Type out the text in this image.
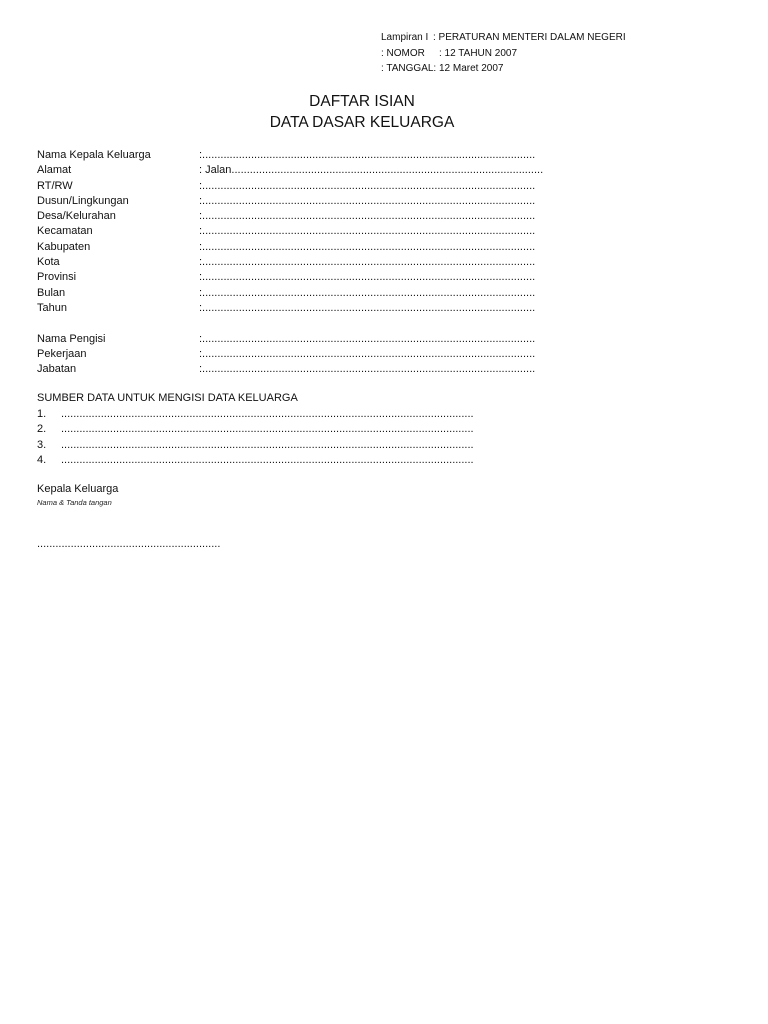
Lampiran I : PERATURAN MENTERI DALAM NEGERI
: NOMOR	: 12 TAHUN 2007
: TANGGAL : 12 Maret 2007
DAFTAR ISIAN
DATA DASAR KELUARGA
Nama Kepala Keluarga	:.............................................................................................................
Alamat	: Jalan......................................................................................................
RT/RW	:.............................................................................................................
Dusun/Lingkungan	:.............................................................................................................
Desa/Kelurahan	:.............................................................................................................
Kecamatan	:.............................................................................................................
Kabupaten	:.............................................................................................................
Kota	:.............................................................................................................
Provinsi	:.............................................................................................................
Bulan	:.............................................................................................................
Tahun	:.............................................................................................................
Nama Pengisi	:.............................................................................................................
Pekerjaan	:.............................................................................................................
Jabatan	:.............................................................................................................
SUMBER DATA UNTUK MENGISI DATA KELUARGA
1.	.......................................................................................................................................
2.	.......................................................................................................................................
3.	.......................................................................................................................................
4.	.......................................................................................................................................
Kepala Keluarga
Nama & Tanda tangan
............................................................
